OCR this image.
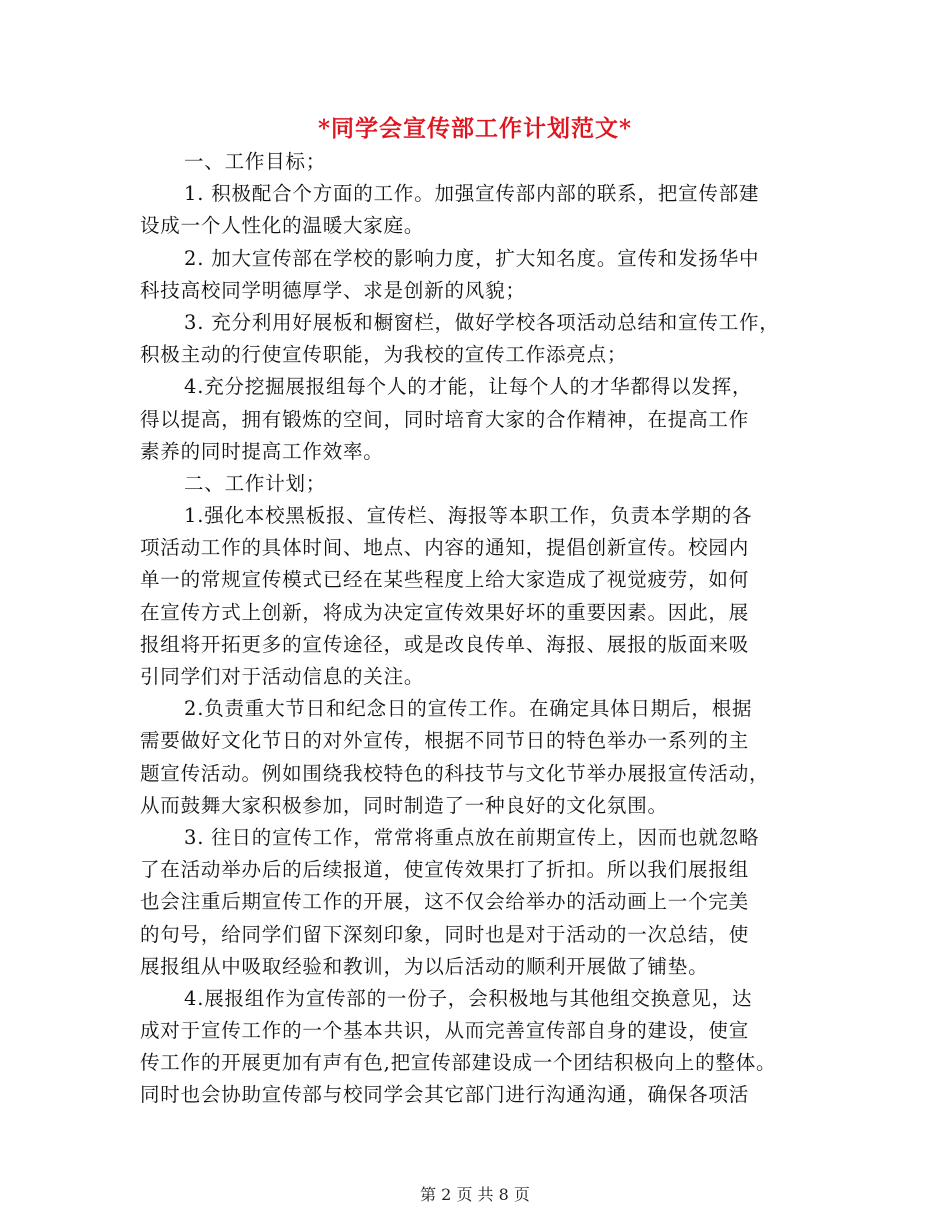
*同学会宣传部工作计划范文*
一、工作目标；
1. 积极配合个方面的工作。加强宣传部内部的联系，把宣传部建
设成一个人性化的温暖大家庭。
2. 加大宣传部在学校的影响力度，扩大知名度。宣传和发扬华中
科技高校同学明德厚学、求是创新的风貌；
3. 充分利用好展板和橱窗栏，做好学校各项活动总结和宣传工作，
积极主动的行使宣传职能，为我校的宣传工作添亮点；
4.充分挖掘展报组每个人的才能，让每个人的才华都得以发挥，
得以提高，拥有锻炼的空间，同时培育大家的合作精神，在提高工作
素养的同时提高工作效率。
二、工作计划；
1.强化本校黑板报、宣传栏、海报等本职工作，负责本学期的各
项活动工作的具体时间、地点、内容的通知，提倡创新宣传。校园内
单一的常规宣传模式已经在某些程度上给大家造成了视觉疲劳，如何
在宣传方式上创新，将成为决定宣传效果好坏的重要因素。因此，展
报组将开拓更多的宣传途径，或是改良传单、海报、展报的版面来吸
引同学们对于活动信息的关注。
2.负责重大节日和纪念日的宣传工作。在确定具体日期后，根据
需要做好文化节日的对外宣传，根据不同节日的特色举办一系列的主
题宣传活动。例如围绕我校特色的科技节与文化节举办展报宣传活动，
从而鼓舞大家积极参加，同时制造了一种良好的文化氛围。
3. 往日的宣传工作，常常将重点放在前期宣传上，因而也就忽略
了在活动举办后的后续报道，使宣传效果打了折扣。所以我们展报组
也会注重后期宣传工作的开展，这不仅会给举办的活动画上一个完美
的句号，给同学们留下深刻印象，同时也是对于活动的一次总结，使
展报组从中吸取经验和教训，为以后活动的顺利开展做了铺垫。
4.展报组作为宣传部的一份子，会积极地与其他组交换意见，达
成对于宣传工作的一个基本共识，从而完善宣传部自身的建设，使宣
传工作的开展更加有声有色,把宣传部建设成一个团结积极向上的整体。
同时也会协助宣传部与校同学会其它部门进行沟通沟通，确保各项活
第 2 页 共 8 页
